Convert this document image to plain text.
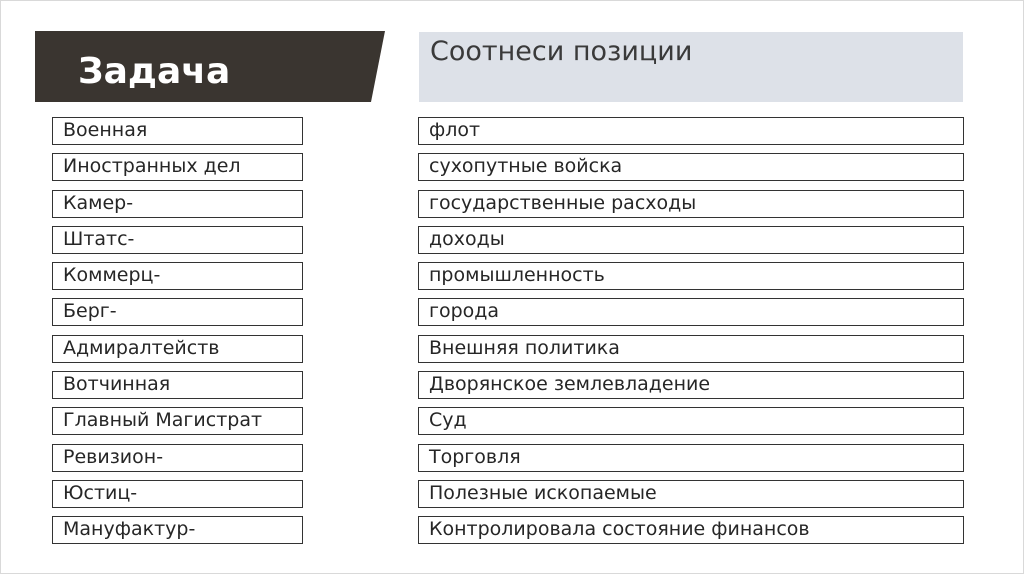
Задача	Соотнеси позиции
Военная
Иностранных дел
Камер-
Штатс-
Коммерц-
Берг-
Адмиралтейств
Вотчинная
Главный Магистрат
Ревизион-
Юстиц-
Мануфактур-
флот
сухопутные войска
государственные расходы
доходы
промышленность
города
Внешняя политика
Дворянское землевладение
Суд
Торговля
Полезные ископаемые
Контролировала состояние финансов
